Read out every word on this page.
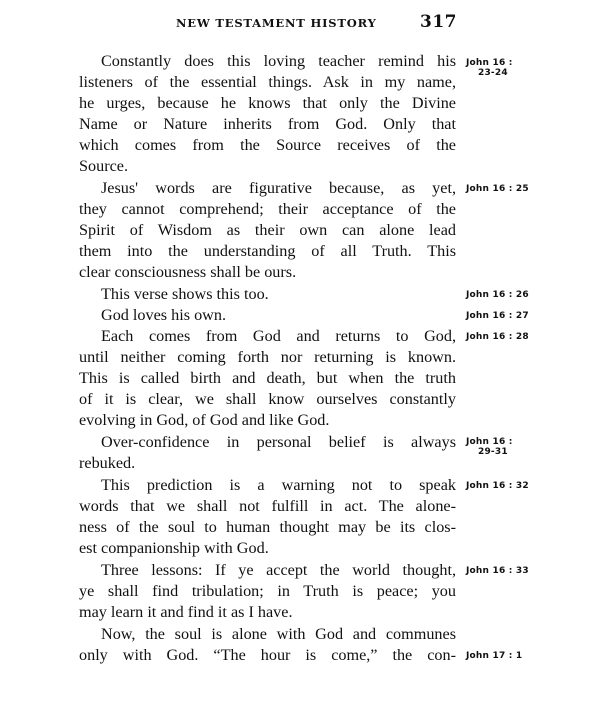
NEW TESTAMENT HISTORY	317
Constantly does this loving teacher remind his
listeners of the essential things. Ask in my name,
he urges, because he knows that only the Divine
Name or Nature inherits from God. Only that
which comes from the Source receives of the
Source.
Jesus' words are figurative because, as yet,
they cannot comprehend; their acceptance of the
Spirit of Wisdom as their own can alone lead
them into the understanding of all Truth. This
clear consciousness shall be ours.
This verse shows this too.
God loves his own.
Each comes from God and returns to God,
until neither coming forth nor returning is known.
This is called birth and death, but when the truth
of it is clear, we shall know ourselves constantly
evolving in God, of God and like God.
Over-confidence in personal belief is always
rebuked.
This prediction is a warning not to speak
words that we shall not fulfill in act. The alone-
ness of the soul to human thought may be its clos-
est companionship with God.
Three lessons: If ye accept the world thought,
ye shall find tribulation; in Truth is peace; you
may learn it and find it as I have.
Now, the soul is alone with God and communes
only with God. “The hour is come,” the con-
John 16 :
23-24
John 16 : 25
John 16 : 26
John 16 : 27
John 16 : 28
John 16 :
29-31
John 16 : 32
John 16 : 33
John 17 : 1
